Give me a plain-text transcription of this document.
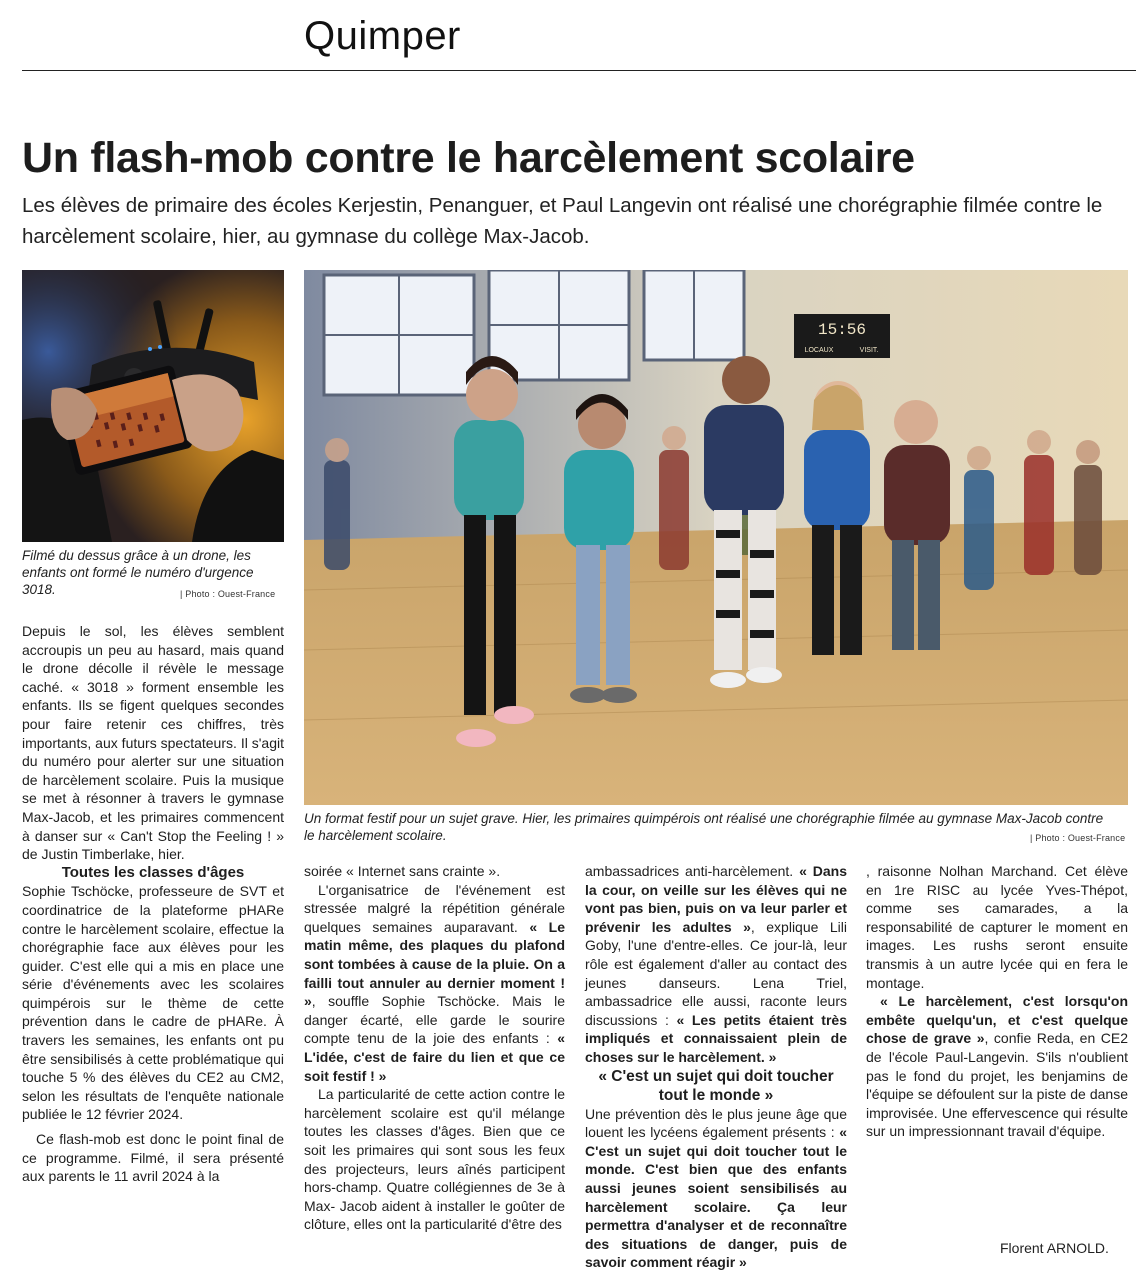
Quimper
Un flash-mob contre le harcèlement scolaire
Les élèves de primaire des écoles Kerjestin, Penanguer, et Paul Langevin ont réalisé une chorégraphie filmée contre le harcèlement scolaire, hier, au gymnase du collège Max-Jacob.
Filmé du dessus grâce à un drone, les enfants ont formé le numéro d'urgence 3018.	| Photo : Ouest-France
15:56
LOCAUX	VISIT.
Un format festif pour un sujet grave. Hier, les primaires quimpérois ont réalisé une chorégraphie filmée au gymnase Max-Jacob contre le harcèlement scolaire.	| Photo : Ouest-France

Depuis le sol, les élèves semblent accroupis un peu au hasard, mais quand le drone décolle il révèle le message caché. « 3018 » forment ensemble les enfants. Ils se figent quelques secondes pour faire retenir ces chiffres, très importants, aux futurs spectateurs. Il s'agit du numéro pour alerter sur une situation de harcèlement scolaire. Puis la musique se met à résonner à travers le gymnase Max-Jacob, et les primaires commencent à danser sur « Can't Stop the Feeling ! » de Justin Timberlake, hier.

Toutes les classes d'âges

Sophie Tschöcke, professeure de SVT et coordinatrice de la plateforme pHARe contre le harcèlement scolaire, effectue la chorégraphie face aux élèves pour les guider. C'est elle qui a mis en place une série d'événements avec les scolaires quimpérois sur le thème de cette prévention dans le cadre de pHARe. À travers les semaines, les enfants ont pu être sensibilisés à cette problématique qui touche 5 % des élèves du CE2 au CM2, selon les résultats de l'enquête nationale publiée le 12 février 2024.

Ce flash-mob est donc le point final de ce programme. Filmé, il sera présenté aux parents le 11 avril 2024 à la

soirée « Internet sans crainte ».

L'organisatrice de l'événement est stressée malgré la répétition générale quelques semaines auparavant. « Le matin même, des plaques du plafond sont tombées à cause de la pluie. On a failli tout annuler au dernier moment ! », souffle Sophie Tschöcke. Mais le danger écarté, elle garde le sourire compte tenu de la joie des enfants : « L'idée, c'est de faire du lien et que ce soit festif ! »

La particularité de cette action contre le harcèlement scolaire est qu'il mélange toutes les classes d'âges. Bien que ce soit les primaires qui sont sous les feux des projecteurs, leurs aînés participent hors-champ. Quatre collégiennes de 3e à Max- Jacob aident à installer le goûter de clôture, elles ont la particularité d'être des

ambassadrices anti-harcèlement. « Dans la cour, on veille sur les élèves qui ne vont pas bien, puis on va leur parler et prévenir les adultes », explique Lili Goby, l'une d'entre-elles. Ce jour-là, leur rôle est également d'aller au contact des jeunes danseurs. Lena Triel, ambassadrice elle aussi, raconte leurs discussions : « Les petits étaient très impliqués et connaissaient plein de choses sur le harcèlement. »

« C'est un sujet qui doit toucher tout le monde »

Une prévention dès le plus jeune âge que louent les lycéens également présents : « C'est un sujet qui doit toucher tout le monde. C'est bien que des enfants aussi jeunes soient sensibilisés au harcèlement scolaire. Ça leur permettra d'analyser et de reconnaître des situations de danger, puis de savoir comment réagir »

, raisonne Nolhan Marchand. Cet élève en 1re RISC au lycée Yves-Thépot, comme ses camarades, a la responsabilité de capturer le moment en images. Les rushs seront ensuite transmis à un autre lycée qui en fera le montage.

« Le harcèlement, c'est lorsqu'on embête quelqu'un, et c'est quelque chose de grave », confie Reda, en CE2 de l'école Paul-Langevin. S'ils n'oublient pas le fond du projet, les benjamins de l'équipe se défoulent sur la piste de danse improvisée. Une effervescence qui résulte sur un impressionnant travail d'équipe.

Florent ARNOLD.
